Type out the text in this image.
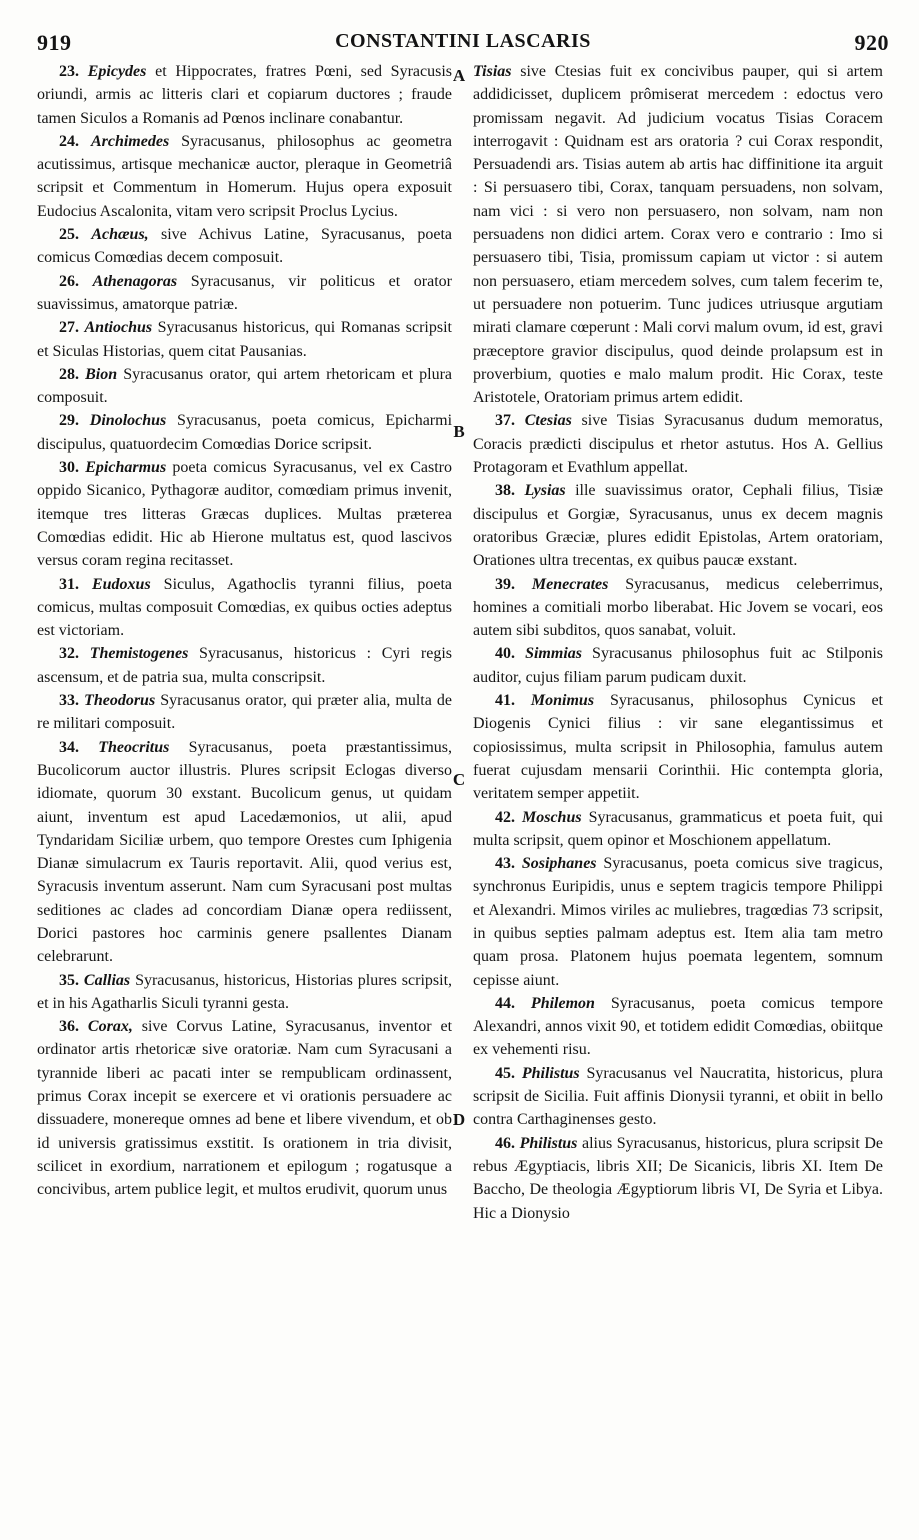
919	CONSTANTINI LASCARIS	920

23. Epicydes et Hippocrates, fratres Pœni, sed Syracusis oriundi, armis ac litteris clari et copiarum ductores ; fraude tamen Siculos a Romanis ad Pœnos inclinare conabantur.

24. Archimedes Syracusanus, philosophus ac geometra acutissimus, artisque mechanicæ auctor, pleraque in Geometriâ scripsit et Commentum in Homerum. Hujus opera exposuit Eudocius Ascalonita, vitam vero scripsit Proclus Lycius.

25. Achæus, sive Achivus Latine, Syracusanus, poeta comicus Comœdias decem composuit.

26. Athenagoras Syracusanus, vir politicus et orator suavissimus, amatorque patriæ.

27. Antiochus Syracusanus historicus, qui Romanas scripsit et Siculas Historias, quem citat Pausanias.

28. Bion Syracusanus orator, qui artem rhetoricam et plura composuit.

29. Dinolochus Syracusanus, poeta comicus, Epicharmi discipulus, quatuordecim Comœdias Dorice scripsit.

30. Epicharmus poeta comicus Syracusanus, vel ex Castro oppido Sicanico, Pythagoræ auditor, comœdiam primus invenit, itemque tres litteras Græcas duplices. Multas præterea Comœdias edidit. Hic ab Hierone multatus est, quod lascivos versus coram regina recitasset.

31. Eudoxus Siculus, Agathoclis tyranni filius, poeta comicus, multas composuit Comœdias, ex quibus octies adeptus est victoriam.

32. Themistogenes Syracusanus, historicus : Cyri regis ascensum, et de patria sua, multa conscripsit.

33. Theodorus Syracusanus orator, qui præter alia, multa de re militari composuit.

34. Theocritus Syracusanus, poeta præstantissimus, Bucolicorum auctor illustris. Plures scripsit Eclogas diverso idiomate, quorum 30 exstant. Bucolicum genus, ut quidam aiunt, inventum est apud Lacedæmonios, ut alii, apud Tyndaridam Siciliæ urbem, quo tempore Orestes cum Iphigenia Dianæ simulacrum ex Tauris reportavit. Alii, quod verius est, Syracusis inventum asserunt. Nam cum Syracusani post multas seditiones ac clades ad concordiam Dianæ opera rediissent, Dorici pastores hoc carminis genere psallentes Dianam celebrarunt.

35. Callias Syracusanus, historicus, Historias plures scripsit, et in his Agatharlis Siculi tyranni gesta.

36. Corax, sive Corvus Latine, Syracusanus, inventor et ordinator artis rhetoricæ sive oratoriæ. Nam cum Syracusani a tyrannide liberi ac pacati inter se rempublicam ordinassent, primus Corax incepit se exercere et vi orationis persuadere ac dissuadere, monereque omnes ad bene et libere vivendum, et ob id universis gratissimus exstitit. Is orationem in tria divisit, scilicet in exordium, narrationem et epilogum ; rogatusque a concivibus, artem publice legit, et multos erudivit, quorum unus

Tisias sive Ctesias fuit ex concivibus pauper, qui si artem addidicisset, duplicem prômiserat mercedem : edoctus vero promissam negavit. Ad judicium vocatus Tisias Coracem interrogavit : Quidnam est ars oratoria ? cui Corax respondit, Persuadendi ars. Tisias autem ab artis hac diffinitione ita arguit : Si persuasero tibi, Corax, tanquam persuadens, non solvam, nam vici : si vero non persuasero, non solvam, nam non persuadens non didici artem. Corax vero e contrario : Imo si persuasero tibi, Tisia, promissum capiam ut victor : si autem non persuasero, etiam mercedem solves, cum talem fecerim te, ut persuadere non potuerim. Tunc judices utriusque argutiam mirati clamare cœperunt : Mali corvi malum ovum, id est, gravi præceptore gravior discipulus, quod deinde prolapsum est in proverbium, quoties e malo malum prodit. Hic Corax, teste Aristotele, Oratoriam primus artem edidit.

37. Ctesias sive Tisias Syracusanus dudum memoratus, Coracis prædicti discipulus et rhetor astutus. Hos A. Gellius Protagoram et Evathlum appellat.

38. Lysias ille suavissimus orator, Cephali filius, Tisiæ discipulus et Gorgiæ, Syracusanus, unus ex decem magnis oratoribus Græciæ, plures edidit Epistolas, Artem oratoriam, Orationes ultra trecentas, ex quibus paucæ exstant.

39. Menecrates Syracusanus, medicus celeberrimus, homines a comitiali morbo liberabat. Hic Jovem se vocari, eos autem sibi subditos, quos sanabat, voluit.

40. Simmias Syracusanus philosophus fuit ac Stilponis auditor, cujus filiam parum pudicam duxit.

41. Monimus Syracusanus, philosophus Cynicus et Diogenis Cynici filius : vir sane elegantissimus et copiosissimus, multa scripsit in Philosophia, famulus autem fuerat cujusdam mensarii Corinthii. Hic contempta gloria, veritatem semper appetiit.

42. Moschus Syracusanus, grammaticus et poeta fuit, qui multa scripsit, quem opinor et Moschionem appellatum.

43. Sosiphanes Syracusanus, poeta comicus sive tragicus, synchronus Euripidis, unus e septem tragicis tempore Philippi et Alexandri. Mimos viriles ac muliebres, tragœdias 73 scripsit, in quibus septies palmam adeptus est. Item alia tam metro quam prosa. Platonem hujus poemata legentem, somnum cepisse aiunt.

44. Philemon Syracusanus, poeta comicus tempore Alexandri, annos vixit 90, et totidem edidit Comœdias, obiitque ex vehementi risu.

45. Philistus Syracusanus vel Naucratita, historicus, plura scripsit de Sicilia. Fuit affinis Dionysii tyranni, et obiit in bello contra Carthaginenses gesto.

46. Philistus alius Syracusanus, historicus, plura scripsit De rebus Ægyptiacis, libris XII; De Sicanicis, libris XI. Item De Baccho, De theologia Ægyptiorum libris VI, De Syria et Libya. Hic a Dionysio

A
B
C
D
